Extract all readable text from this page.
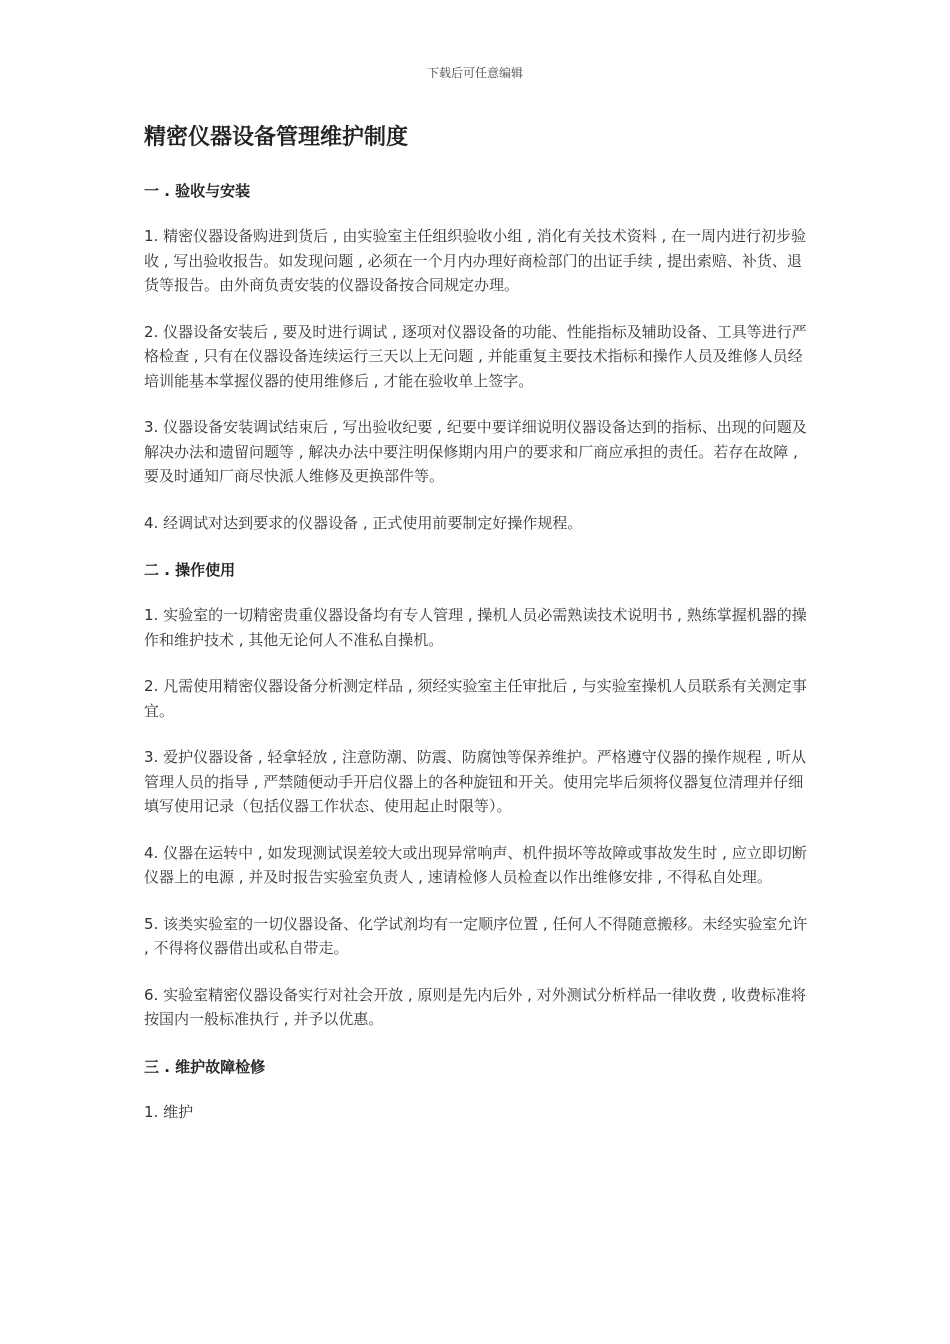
下载后可任意编辑
精密仪器设备管理维护制度
一 . 验收与安装

1. 精密仪器设备购进到货后 , 由实验室主任组织验收小组 , 消化有关技术资料 , 在一周内进行初步验收 , 写出验收报告。如发现问题 , 必须在一个月内办理好商检部门的出证手续 , 提出索赔、补货、退货等报告。由外商负责安装的仪器设备按合同规定办理。

2. 仪器设备安装后 , 要及时进行调试 , 逐项对仪器设备的功能、性能指标及辅助设备、工具等进行严格检查 , 只有在仪器设备连续运行三天以上无问题 , 并能重复主要技术指标和操作人员及维修人员经培训能基本掌握仪器的使用维修后 , 才能在验收单上签字。

3. 仪器设备安装调试结束后 , 写出验收纪要 , 纪要中要详细说明仪器设备达到的指标、出现的问题及解决办法和遗留问题等 , 解决办法中要注明保修期内用户的要求和厂商应承担的责任。若存在故障 , 要及时通知厂商尽快派人维修及更换部件等。

4. 经调试对达到要求的仪器设备 , 正式使用前要制定好操作规程。

二 . 操作使用

1. 实验室的一切精密贵重仪器设备均有专人管理 , 操机人员必需熟读技术说明书 , 熟练掌握机器的操作和维护技术 , 其他无论何人不准私自操机。

2. 凡需使用精密仪器设备分析测定样品 , 须经实验室主任审批后 , 与实验室操机人员联系有关测定事宜。

3. 爱护仪器设备 , 轻拿轻放 , 注意防潮、防震、防腐蚀等保养维护。严格遵守仪器的操作规程 , 听从管理人员的指导 , 严禁随便动手开启仪器上的各种旋钮和开关。使用完毕后须将仪器复位清理并仔细填写使用记录（包括仪器工作状态、使用起止时限等）。

4. 仪器在运转中 , 如发现测试误差较大或出现异常响声、机件损坏等故障或事故发生时 , 应立即切断仪器上的电源 , 并及时报告实验室负责人 , 速请检修人员检查以作出维修安排 , 不得私自处理。

5. 该类实验室的一切仪器设备、化学试剂均有一定顺序位置 , 任何人不得随意搬移。未经实验室允许 , 不得将仪器借出或私自带走。

6. 实验室精密仪器设备实行对社会开放 , 原则是先内后外 , 对外测试分析样品一律收费 , 收费标准将按国内一般标准执行 , 并予以优惠。

三 . 维护故障检修

1. 维护
